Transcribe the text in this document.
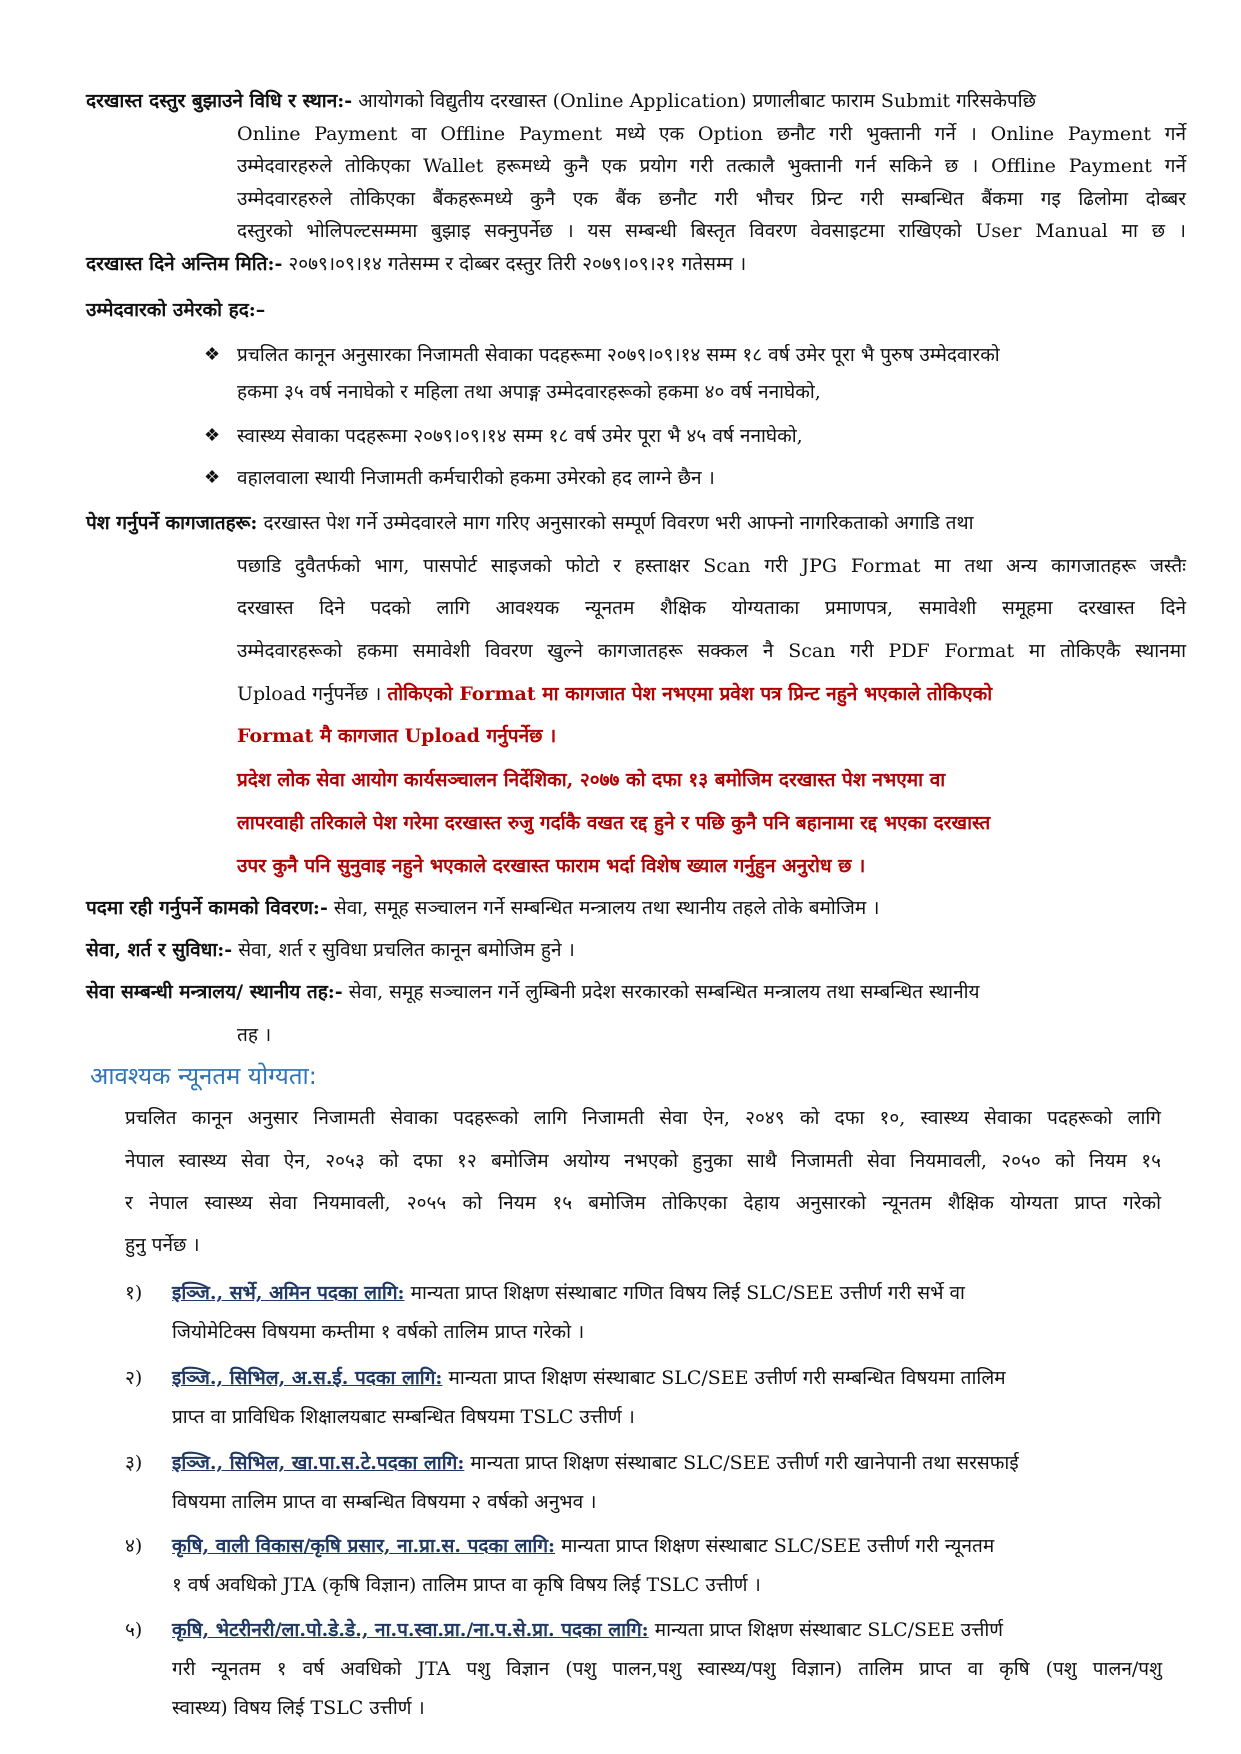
दरखास्त दस्तुर बुझाउने विधि र स्थान:- आयोगको विद्युतीय दरखास्त (Online Application) प्रणालीबाट फाराम Submit गरिसकेपछि
Online Payment वा Offline Payment मध्ये एक Option छनौट गरी भुक्तानी गर्ने । Online Payment गर्ने
उम्मेदवारहरुले तोकिएका Wallet हरूमध्ये कुनै एक प्रयोग गरी तत्कालै भुक्तानी गर्न सकिने छ । Offline Payment गर्ने
उम्मेदवारहरुले तोकिएका बैंकहरूमध्ये कुनै एक बैंक छनौट गरी भौचर प्रिन्ट गरी सम्बन्धित बैंकमा गइ ढिलोमा दोब्बर
दस्तुरको भोलिपल्टसम्ममा बुझाइ सक्नुपर्नेछ । यस सम्बन्धी बिस्तृत विवरण वेवसाइटमा राखिएको User Manual मा छ ।
दरखास्त दिने अन्तिम मिति:- २०७९।०९।१४ गतेसम्म र दोब्बर दस्तुर तिरी २०७९।०९।२१ गतेसम्म ।
उम्मेदवारको उमेरको हद:–
❖ प्रचलित कानून अनुसारका निजामती सेवाका पदहरूमा २०७९।०९।१४ सम्म १८ वर्ष उमेर पूरा भै पुरुष उम्मेदवारको
हकमा ३५ वर्ष ननाघेको र महिला तथा अपाङ्ग उम्मेदवारहरूको हकमा ४० वर्ष ननाघेको,
❖ स्वास्थ्य सेवाका पदहरूमा २०७९।०९।१४ सम्म १८ वर्ष उमेर पूरा भै ४५ वर्ष ननाघेको,
❖ वहालवाला स्थायी निजामती कर्मचारीको हकमा उमेरको हद लाग्ने छैन ।
पेश गर्नुपर्ने कागजातहरू: दरखास्त पेश गर्ने उम्मेदवारले माग गरिए अनुसारको सम्पूर्ण विवरण भरी आफ्नो नागरिकताको अगाडि तथा
पछाडि दुवैतर्फको भाग, पासपोर्ट साइजको फोटो र हस्ताक्षर Scan गरी JPG Format मा तथा अन्य कागजातहरू जस्तैः
दरखास्त दिने पदको लागि आवश्यक न्यूनतम शैक्षिक योग्यताका प्रमाणपत्र, समावेशी समूहमा दरखास्त दिने
उम्मेदवारहरूको हकमा समावेशी विवरण खुल्ने कागजातहरू सक्कल नै Scan गरी PDF Format मा तोकिएकै स्थानमा
Upload गर्नुपर्नेछ । तोकिएको Format मा कागजात पेश नभएमा प्रवेश पत्र प्रिन्ट नहुने भएकाले तोकिएको
Format मै कागजात Upload गर्नुपर्नेछ ।
प्रदेश लोक सेवा आयोग कार्यसञ्चालन निर्देशिका, २०७७ को दफा १३ बमोजिम दरखास्त पेश नभएमा वा
लापरवाही तरिकाले पेश गरेमा दरखास्त रुजु गर्दाकै वखत रद्द हुने र पछि कुनै पनि बहानामा रद्द भएका दरखास्त
उपर कुनै पनि सुनुवाइ नहुने भएकाले दरखास्त फाराम भर्दा विशेष ख्याल गर्नुहुन अनुरोध छ ।
पदमा रही गर्नुपर्ने कामको विवरण:- सेवा, समूह सञ्चालन गर्ने सम्बन्धित मन्त्रालय तथा स्थानीय तहले तोके बमोजिम ।
सेवा, शर्त र सुविधा:- सेवा, शर्त र सुविधा प्रचलित कानून बमोजिम हुने ।
सेवा सम्बन्धी मन्त्रालय/ स्थानीय तह:- सेवा, समूह सञ्चालन गर्ने लुम्बिनी प्रदेश सरकारको सम्बन्धित मन्त्रालय तथा सम्बन्धित स्थानीय
तह ।
आवश्यक न्यूनतम योग्यता:
प्रचलित कानून अनुसार निजामती सेवाका पदहरूको लागि निजामती सेवा ऐन, २०४९ को दफा १०, स्वास्थ्य सेवाका पदहरूको लागि
नेपाल स्वास्थ्य सेवा ऐन, २०५३ को दफा १२ बमोजिम अयोग्य नभएको हुनुका साथै निजामती सेवा नियमावली, २०५० को नियम १५
र नेपाल स्वास्थ्य सेवा नियमावली, २०५५ को नियम १५ बमोजिम तोकिएका देहाय अनुसारको न्यूनतम शैक्षिक योग्यता प्राप्त गरेको
हुनु पर्नेछ ।
१) इञ्जि., सर्भे, अमिन पदका लागि: मान्यता प्राप्त शिक्षण संस्थाबाट गणित विषय लिई SLC/SEE उत्तीर्ण गरी सर्भे वा
जियोमेटिक्स विषयमा कम्तीमा १ वर्षको तालिम प्राप्त गरेको ।
२) इञ्जि., सिभिल, अ.स.ई. पदका लागि: मान्यता प्राप्त शिक्षण संस्थाबाट SLC/SEE उत्तीर्ण गरी सम्बन्धित विषयमा तालिम
प्राप्त वा प्राविधिक शिक्षालयबाट सम्बन्धित विषयमा TSLC उत्तीर्ण ।
३) इञ्जि., सिभिल, खा.पा.स.टे.पदका लागि: मान्यता प्राप्त शिक्षण संस्थाबाट SLC/SEE उत्तीर्ण गरी खानेपानी तथा सरसफाई
विषयमा तालिम प्राप्त वा सम्बन्धित विषयमा २ वर्षको अनुभव ।
४) कृषि, वाली विकास/कृषि प्रसार, ना.प्रा.स. पदका लागि: मान्यता प्राप्त शिक्षण संस्थाबाट SLC/SEE उत्तीर्ण गरी न्यूनतम
१ वर्ष अवधिको JTA (कृषि विज्ञान) तालिम प्राप्त वा कृषि विषय लिई TSLC उत्तीर्ण ।
५) कृषि, भेटरीनरी/ला.पो.डे.डे., ना.प.स्वा.प्रा./ना.प.से.प्रा. पदका लागि: मान्यता प्राप्त शिक्षण संस्थाबाट SLC/SEE उत्तीर्ण
गरी न्यूनतम १ वर्ष अवधिको JTA पशु विज्ञान (पशु पालन,पशु स्वास्थ्य/पशु विज्ञान) तालिम प्राप्त वा कृषि (पशु पालन/पशु
स्वास्थ्य) विषय लिई TSLC उत्तीर्ण ।
